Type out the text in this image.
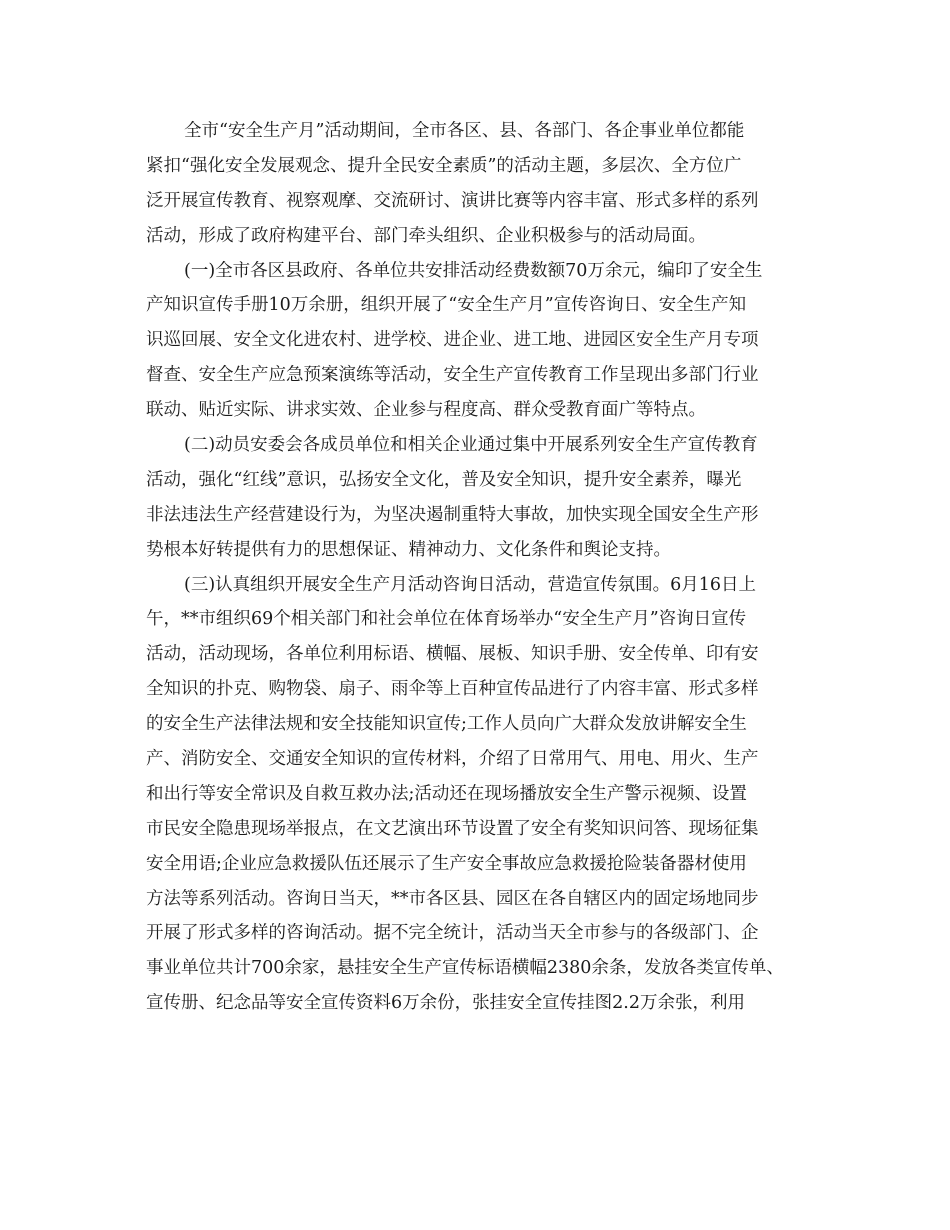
全市“安全生产月”活动期间，全市各区、县、各部门、各企事业单位都能
紧扣“强化安全发展观念、提升全民安全素质”的活动主题，多层次、全方位广
泛开展宣传教育、视察观摩、交流研讨、演讲比赛等内容丰富、形式多样的系列
活动，形成了政府构建平台、部门牵头组织、企业积极参与的活动局面。
(一)全市各区县政府、各单位共安排活动经费数额70万余元，编印了安全生
产知识宣传手册10万余册，组织开展了“安全生产月”宣传咨询日、安全生产知
识巡回展、安全文化进农村、进学校、进企业、进工地、进园区安全生产月专项
督查、安全生产应急预案演练等活动，安全生产宣传教育工作呈现出多部门行业
联动、贴近实际、讲求实效、企业参与程度高、群众受教育面广等特点。
(二)动员安委会各成员单位和相关企业通过集中开展系列安全生产宣传教育
活动，强化“红线”意识，弘扬安全文化，普及安全知识，提升安全素养，曝光
非法违法生产经营建设行为，为坚决遏制重特大事故，加快实现全国安全生产形
势根本好转提供有力的思想保证、精神动力、文化条件和舆论支持。
(三)认真组织开展安全生产月活动咨询日活动，营造宣传氛围。6月16日上
午，**市组织69个相关部门和社会单位在体育场举办“安全生产月”咨询日宣传
活动，活动现场，各单位利用标语、横幅、展板、知识手册、安全传单、印有安
全知识的扑克、购物袋、扇子、雨伞等上百种宣传品进行了内容丰富、形式多样
的安全生产法律法规和安全技能知识宣传;工作人员向广大群众发放讲解安全生
产、消防安全、交通安全知识的宣传材料，介绍了日常用气、用电、用火、生产
和出行等安全常识及自救互救办法;活动还在现场播放安全生产警示视频、设置
市民安全隐患现场举报点，在文艺演出环节设置了安全有奖知识问答、现场征集
安全用语;企业应急救援队伍还展示了生产安全事故应急救援抢险装备器材使用
方法等系列活动。咨询日当天，**市各区县、园区在各自辖区内的固定场地同步
开展了形式多样的咨询活动。据不完全统计，活动当天全市参与的各级部门、企
事业单位共计700余家，悬挂安全生产宣传标语横幅2380余条，发放各类宣传单、
宣传册、纪念品等安全宣传资料6万余份，张挂安全宣传挂图2.2万余张，利用
